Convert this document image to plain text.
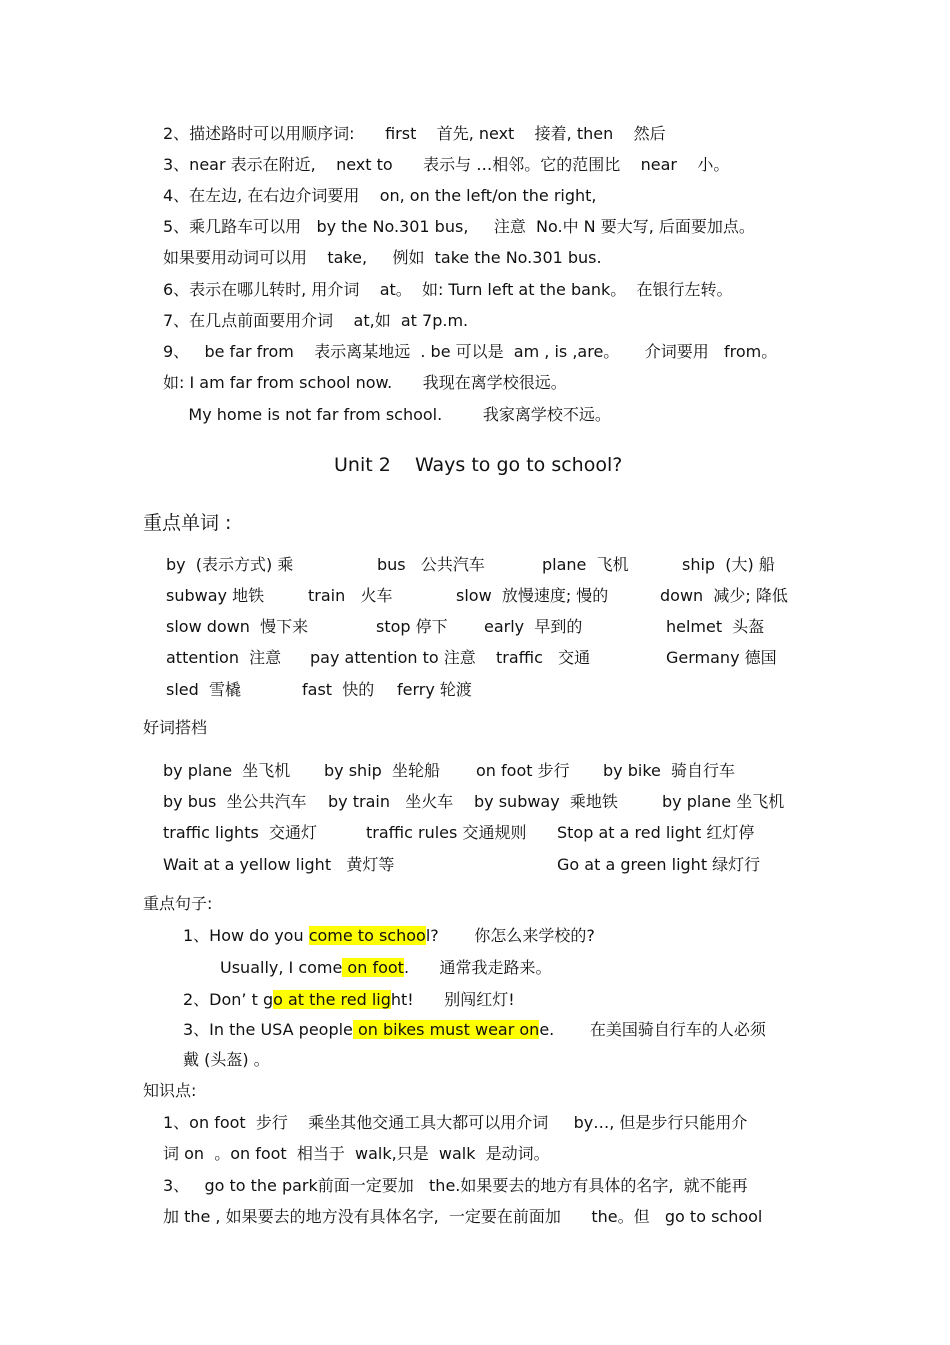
2、描述路时可以用顺序词:      first    首先, next    接着, then    然后
3、near 表示在附近,    next to      表示与 …相邻。它的范围比    near    小。
4、在左边, 在右边介词要用    on, on the left/on the right,
5、乘几路车可以用   by the No.301 bus,     注意  No.中 N 要大写, 后面要加点。
如果要用动词可以用    take,     例如  take the No.301 bus.
6、表示在哪儿转时, 用介词    at。  如: Turn left at the bank。  在银行左转。
7、在几点前面要用介词    at,如  at 7p.m.
9、   be far from    表示离某地远  . be 可以是  am , is ,are。     介词要用   from。
如: I am far from school now.      我现在离学校很远。
My home is not far from school.        我家离学校不远。
Unit 2    Ways to go to school?
重点单词 :
by  (表示方式) 乘	bus   公共汽车	plane  飞机	ship  (大) 船
subway 地铁	train   火车	slow  放慢速度; 慢的	down  减少; 降低
slow down  慢下来	stop 停下 early  早到的	helmet  头盔
attention  注意 pay attention to 注意 traffic   交通	Germany 德国
sled  雪橇	fast  快的 ferry 轮渡
好词搭档
by plane  坐飞机 by ship  坐轮船 on foot 步行 by bike  骑自行车
by bus  坐公共汽车 by train   坐火车 by subway  乘地铁	by plane 坐飞机
traffic lights  交通灯	traffic rules 交通规则 Stop at a red light 红灯停
Wait at a yellow light   黄灯等	Go at a green light 绿灯行
重点句子:
1、How do you come to school?       你怎么来学校的?
Usually, I come on foot.      通常我走路来。
2、Don’ t go at the red light!      别闯红灯!
3、In the USA people on bikes must wear one.       在美国骑自行车的人必须
戴 (头盔) 。
知识点:
1、on foot  步行    乘坐其他交通工具大都可以用介词     by…, 但是步行只能用介
词 on  。on foot  相当于  walk,只是  walk  是动词。
3、   go to the park前面一定要加   the.如果要去的地方有具体的名字,  就不能再
加 the , 如果要去的地方没有具体名字,  一定要在前面加      the。但   go to school
